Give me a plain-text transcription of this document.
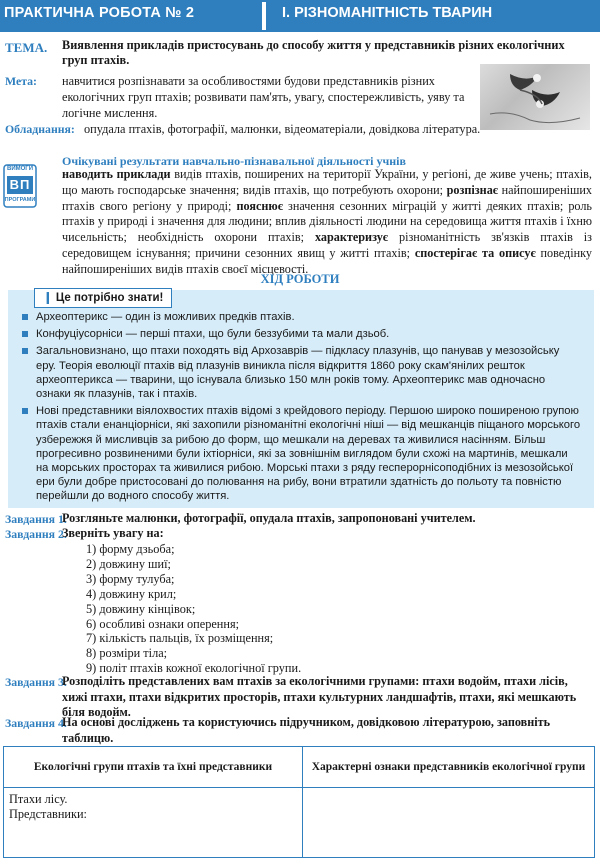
ПРАКТИЧНА РОБОТА № 2	І. РІЗНОМАНІТНІСТЬ ТВАРИН
ТЕМА. Виявлення прикладів пристосувань до способу життя у представників різних екологічних груп птахів.
Мета: навчитися розпізнавати за особливостями будови представників різних екологічних груп птахів; розвивати пам'ять, увагу, спостережливість, уяву та логічне мислення.
Обладнання: опудала птахів, фотографії, малюнки, відеоматеріали, довідкова література.
Очікувані результати навчально-пізнавальної діяльності учнів
ВИМОГИ
ВП
ПРОГРАМИ
наводить приклади видів птахів, поширених на території України, у регіоні, де живе учень; птахів, що мають господарське значення; видів птахів, що потребують охорони; розпізнає найпоширеніших птахів свого регіону у природі; пояснює значення сезонних міграцій у житті деяких птахів; роль птахів у природі і значення для людини; вплив діяльності людини на середовища життя птахів і їхню чисельність; необхідність охорони птахів; характеризує різноманітність зв'язків птахів із середовищем існування; причини сезонних явищ у житті птахів; спостерігає та описує поведінку найпоширеніших видів птахів своєї місцевості.
ХІД РОБОТИ
❙ Це потрібно знати!
Археоптерикс — один із можливих предків птахів.
Конфуціусорнiси — перші птахи, що були беззубими та мали дзьоб.
Загальновизнано, що птахи походять від Архозаврів — підкласу плазунів, що панував у мезозойську еру. Теорія еволюції птахів від плазунів виникла після відкриття 1860 року скам'янілих решток археоптерикса — тварини, що існувала близько 150 млн років тому. Археоптерикс мав одночасно ознаки як плазунів, так і птахів.
Нові представники віялохвостих птахів відомі з крейдового періоду. Першою широко поширеною групою птахів стали енанціорніси, які захопили різноманітні екологічні ніші — від мешканців піщаного морського узбережжя й мисливців за рибою до форм, що мешкали на деревах та живилися насінням. Більш прогресивно розвиненими були іхтіорніси, які за зовнішнім виглядом були схожі на мартинів, мешкали на морських просторах та живилися рибою. Морські птахи з ряду гесперорнісоподібних із мезозойської ери були добре пристосовані до полювання на рибу, вони втратили здатність до польоту та повністю перейшли до водного способу життя.
Завдання 1.
Розгляньте малюнки, фотографії, опудала птахів, запропоновані учителем.
Завдання 2.
Зверніть увагу на:
1) форму дзьоба;
2) довжину шиї;
3) форму тулуба;
4) довжину крил;
5) довжину кінцівок;
6) особливі ознаки оперення;
7) кількість пальців, їх розміщення;
8) розміри тіла;
9) політ птахів кожної екологічної групи.
Завдання 3.
Розподіліть представлених вам птахів за екологічними групами: птахи водойм, птахи лісів, хижі птахи, птахи відкритих просторів, птахи культурних ландшафтів, птахи, які мешкають біля водойм.
Завдання 4.
На основі досліджень та користуючись підручником, довідковою літературою, заповніть таблицю.
Екологічні групи птахів та їхні представники	Характерні ознаки представників екологічної групи

Птахи лісу.
Представники:	
